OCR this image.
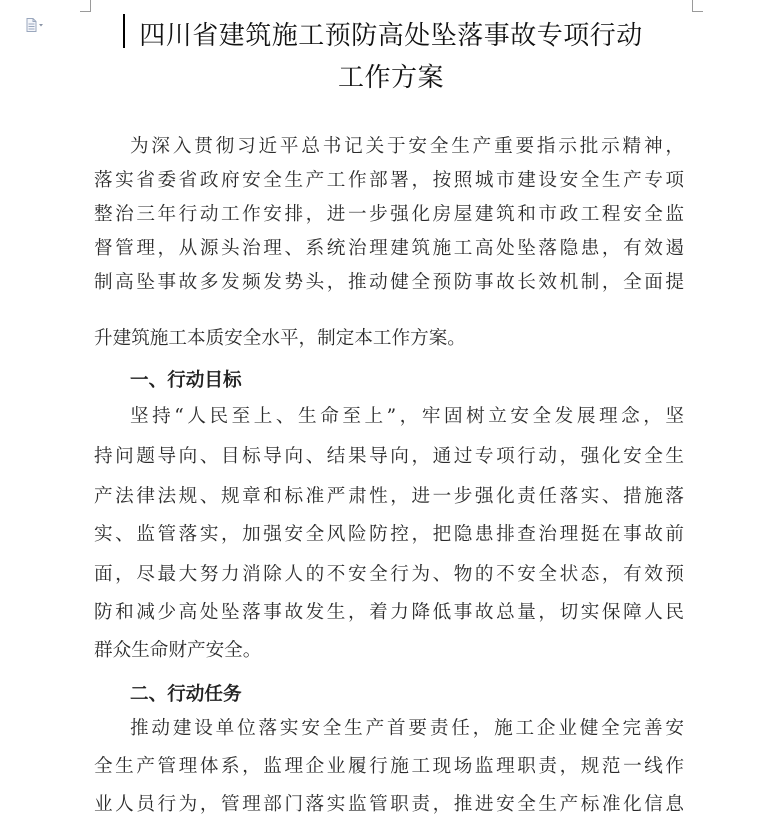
四川省建筑施工预防高处坠落事故专项行动
工作方案
为深入贯彻习近平总书记关于安全生产重要指示批示精神，
落实省委省政府安全生产工作部署，按照城市建设安全生产专项
整治三年行动工作安排，进一步强化房屋建筑和市政工程安全监
督管理，从源头治理、系统治理建筑施工高处坠落隐患，有效遏
制高坠事故多发频发势头，推动健全预防事故长效机制，全面提
升建筑施工本质安全水平，制定本工作方案。
一、行动目标
坚持“人民至上、生命至上”，牢固树立安全发展理念，坚
持问题导向、目标导向、结果导向，通过专项行动，强化安全生
产法律法规、规章和标准严肃性，进一步强化责任落实、措施落
实、监管落实，加强安全风险防控，把隐患排查治理挺在事故前
面，尽最大努力消除人的不安全行为、物的不安全状态，有效预
防和减少高处坠落事故发生，着力降低事故总量，切实保障人民
群众生命财产安全。
二、行动任务
推动建设单位落实安全生产首要责任，施工企业健全完善安
全生产管理体系，监理企业履行施工现场监理职责，规范一线作
业人员行为，管理部门落实监管职责，推进安全生产标准化信息
